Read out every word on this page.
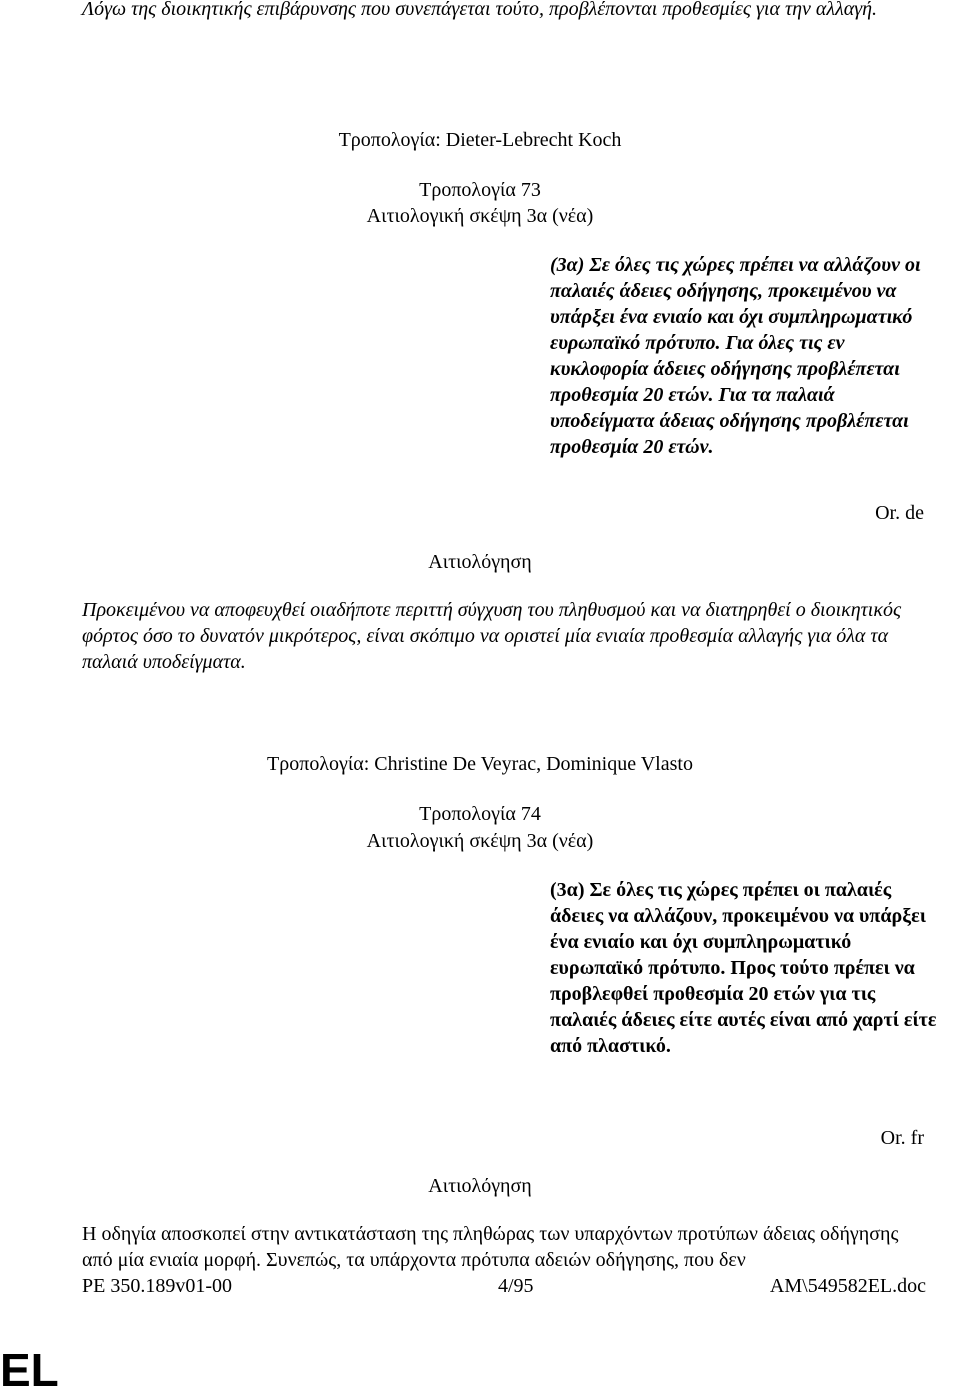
Λόγω της διοικητικής επιβάρυνσης που συνεπάγεται τούτο, προβλέπονται προθεσμίες για την αλλαγή.
Τροπολογία: Dieter-Lebrecht Koch
Τροπολογία 73
Αιτιολογική σκέψη 3α (νέα)
(3α) Σε όλες τις χώρες πρέπει να αλλάζουν οι παλαιές άδειες οδήγησης, προκειμένου να υπάρξει ένα ενιαίο και όχι συμπληρωματικό ευρωπαϊκό πρότυπο. Για όλες τις εν κυκλοφορία άδειες οδήγησης προβλέπεται προθεσμία 20 ετών. Για τα παλαιά υποδείγματα άδειας οδήγησης προβλέπεται προθεσμία 20 ετών.
Or. de
Αιτιολόγηση
Προκειμένου να αποφευχθεί οιαδήποτε περιττή σύγχυση του πληθυσμού και να διατηρηθεί ο διοικητικός φόρτος όσο το δυνατόν μικρότερος, είναι σκόπιμο να οριστεί μία ενιαία προθεσμία αλλαγής για όλα τα παλαιά υποδείγματα.
Τροπολογία: Christine De Veyrac, Dominique Vlasto
Τροπολογία 74
Αιτιολογική σκέψη 3α (νέα)
(3α) Σε όλες τις χώρες πρέπει οι παλαιές άδειες να αλλάζουν, προκειμένου να υπάρξει ένα ενιαίο και όχι συμπληρωματικό ευρωπαϊκό πρότυπο. Προς τούτο πρέπει να προβλεφθεί προθεσμία 20 ετών για τις παλαιές άδειες είτε αυτές είναι από χαρτί είτε από πλαστικό.
Or. fr
Αιτιολόγηση
Η οδηγία αποσκοπεί στην αντικατάσταση της πληθώρας των υπαρχόντων προτύπων άδειας οδήγησης από μία ενιαία μορφή. Συνεπώς, τα υπάρχοντα πρότυπα αδειών οδήγησης, που δεν
PE 350.189v01-00	4/95	AM\549582EL.doc
EL
